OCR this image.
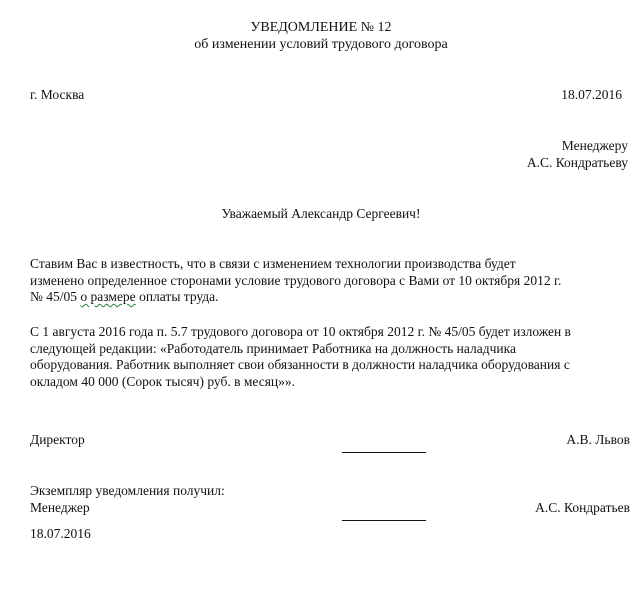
УВЕДОМЛЕНИЕ № 12
об изменении условий трудового договора
г. Москва	18.07.2016
Менеджеру
А.С. Кондратьеву
Уважаемый Александр Сергеевич!
Ставим Вас в известность, что в связи с изменением технологии производства будет
изменено определенное сторонами условие трудового договора с Вами от 10 октября 2012 г.
№ 45/05 о размере оплаты труда.
С 1 августа 2016 года п. 5.7 трудового договора от 10 октября 2012 г. № 45/05 будет изложен в
следующей редакции: «Работодатель принимает Работника на должность наладчика
оборудования. Работник выполняет свои обязанности в должности наладчика оборудования с
окладом 40 000 (Сорок тысяч) руб. в месяц»».
Директор	А.В. Львов
Экземпляр уведомления получил:
Менеджер	А.С. Кондратьев
18.07.2016
